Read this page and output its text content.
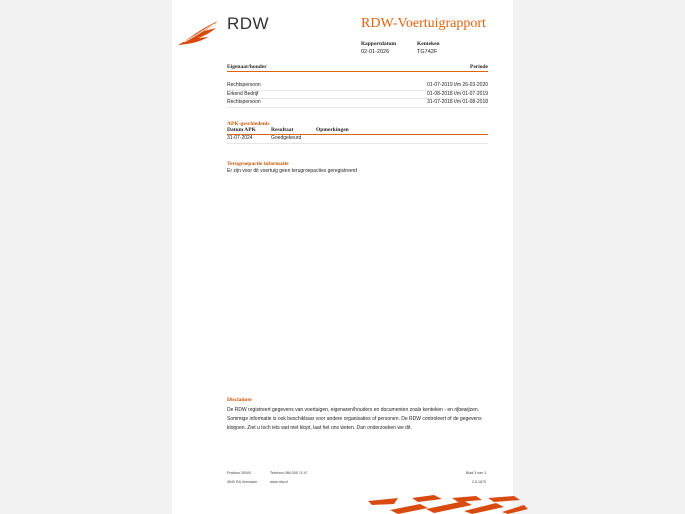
RDW	RDW-Voertuigrapport
Rapportdatum
02-01-2026
Kenteken
TG742F
Eigenaar/houder	Periode
Rechtspersoon	01-07-2019 t/m 26-03-2020
Erkend Bedrijf	01-08-2018 t/m 01-07-2019
Rechtspersoon	31-07-2018 t/m 01-08-2018
APK-geschiedenis
Datum APK	Resultaat	Opmerkingen
31-07-2024	Goedgekeurd
Terugroepactie informatie
Er zijn voor dit voertuig geen terugroepacties geregistreerd
Disclaimer
De RDW registreert gegevens van voertuigen, eigenaren/houders en documenten zoals kenteken - en rijbewijzen. Sommige informatie is ook beschikbaar voor andere organisaties of personen. De RDW controleert of de gegevens kloppen. Ziet u toch iets wat niet klopt, laat het ons weten. Dan onderzoeken we dit.
Postbus 30000
9640 RA Veendam
Telefoon 088 008 74 47
www.rdw.nl
Blad 3 van 3
2.6.1679
